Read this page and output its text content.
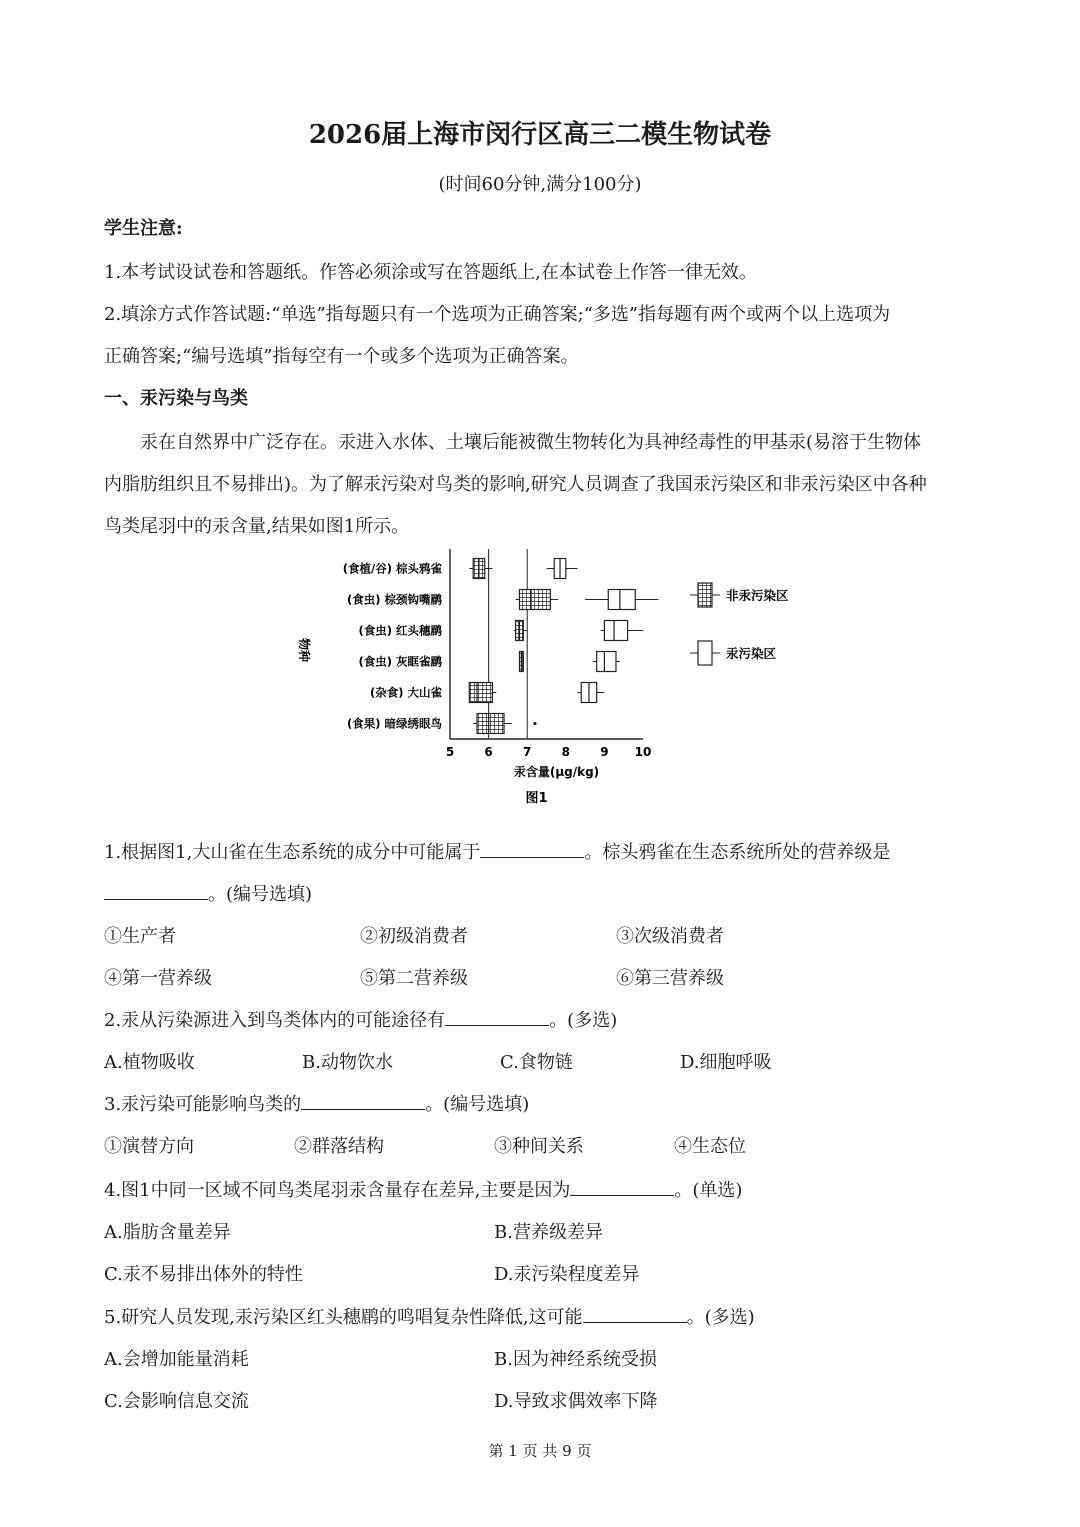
2026届上海市闵行区高三二模生物试卷
(时间60分钟,满分100分)
学生注意:
1.本考试设试卷和答题纸。作答必须涂或写在答题纸上,在本试卷上作答一律无效。
2.填涂方式作答试题:“单选”指每题只有一个选项为正确答案;“多选”指每题有两个或两个以上选项为
正确答案;“编号选填”指每空有一个或多个选项为正确答案。
一、汞污染与鸟类
汞在自然界中广泛存在。汞进入水体、土壤后能被微生物转化为具神经毒性的甲基汞(易溶于生物体
内脂肪组织且不易排出)。为了解汞污染对鸟类的影响,研究人员调查了我国汞污染区和非汞污染区中各种
鸟类尾羽中的汞含量,结果如图1所示。
5	6	7	8	9 10
汞含量(μg/kg)
物种
图1
(食植/谷) 棕头鸦雀
(食虫) 棕颈钩嘴鹛
(食虫) 红头穗鹛
(食虫) 灰眶雀鹛
(杂食) 大山雀
(食果) 暗绿绣眼鸟
非汞污染区
汞污染区
1.根据图1,大山雀在生态系统的成分中可能属于	。棕头鸦雀在生态系统所处的营养级是
。(编号选填)
①生产者	②初级消费者	③次级消费者
④第一营养级	⑤第二营养级	⑥第三营养级
2.汞从污染源进入到鸟类体内的可能途径有	。(多选)
A.植物吸收	B.动物饮水	C.食物链	D.细胞呼吸
3.汞污染可能影响鸟类的	。(编号选填)
①演替方向	②群落结构	③种间关系	④生态位
4.图1中同一区域不同鸟类尾羽汞含量存在差异,主要是因为	。(单选)
A.脂肪含量差异	B.营养级差异
C.汞不易排出体外的特性	D.汞污染程度差异
5.研究人员发现,汞污染区红头穗鹛的鸣唱复杂性降低,这可能	。(多选)
A.会增加能量消耗	B.因为神经系统受损
C.会影响信息交流	D.导致求偶效率下降
第 1 页 共 9 页
